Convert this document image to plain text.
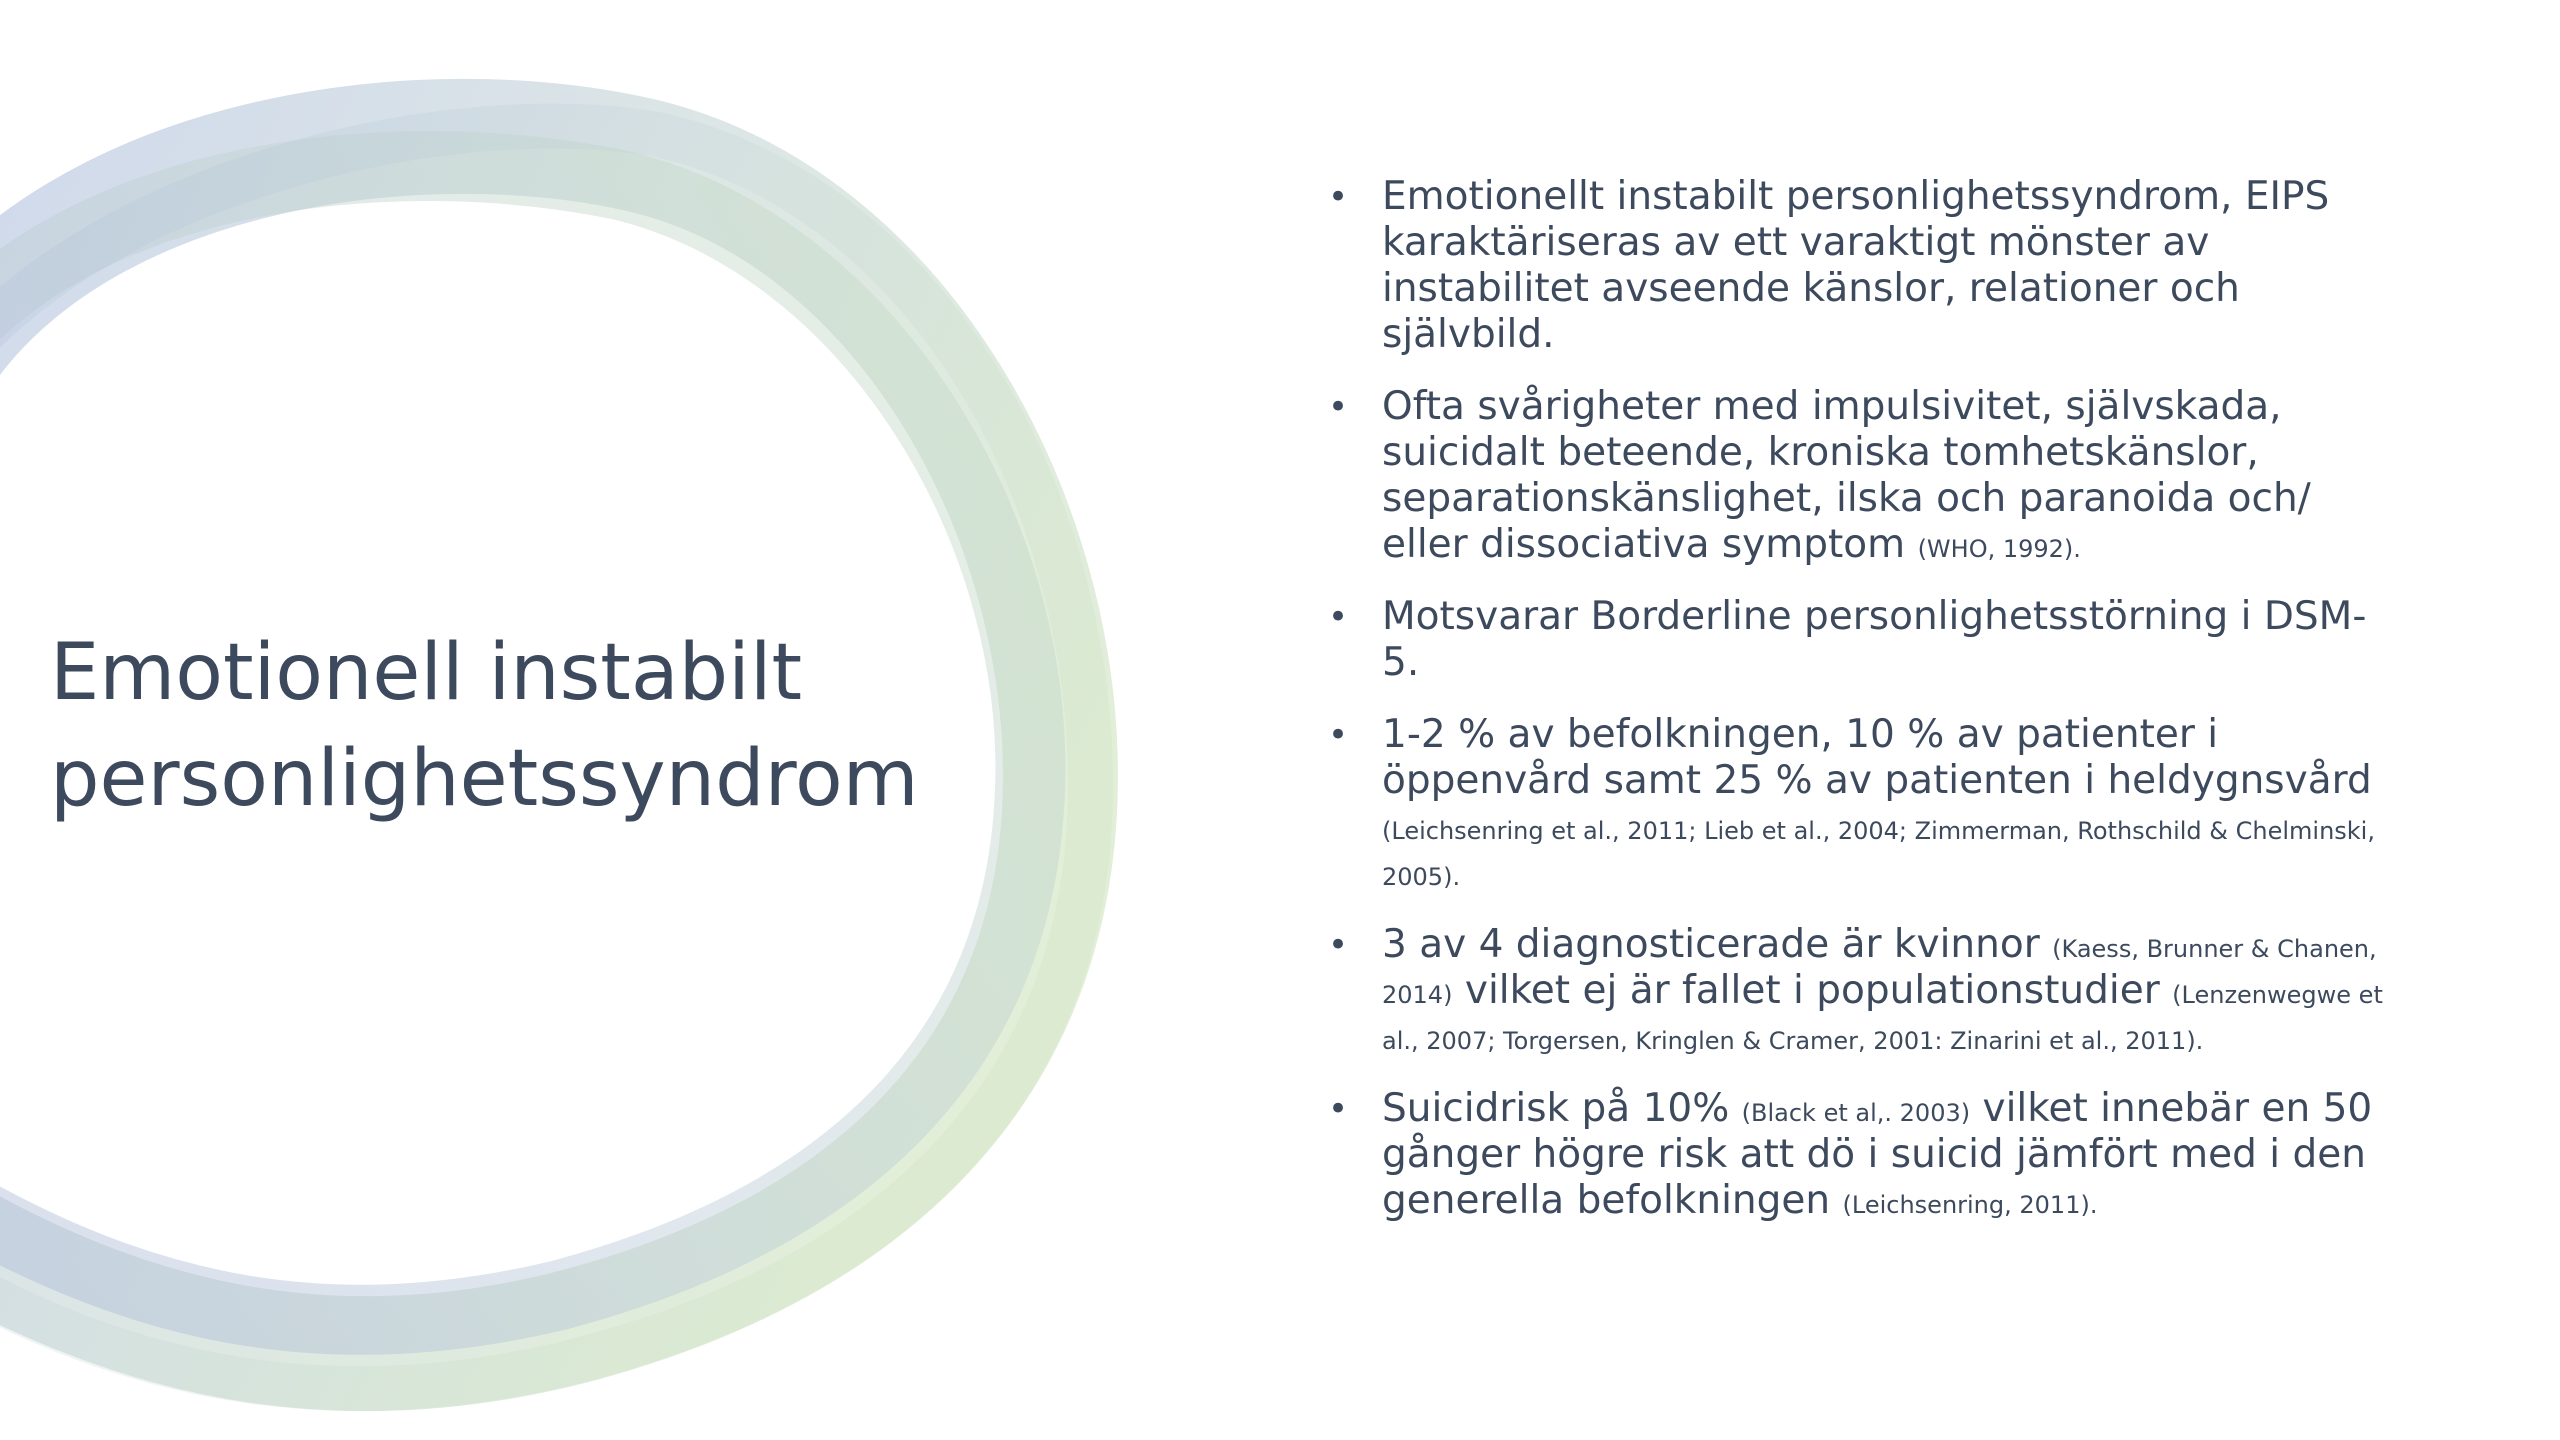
Emotionell instabilt
personlighetssyndrom
• Emotionellt instabilt personlighetssyndrom, EIPS karaktäriseras av ett varaktigt mönster av instabilitet avseende känslor, relationer och självbild.
• Ofta svårigheter med impulsivitet, självskada, suicidalt beteende, kroniska tomhetskänslor, separationskänslighet, ilska och paranoida och/ eller dissociativa symptom (WHO, 1992).
• Motsvarar Borderline personlighetsstörning i DSM-5.
• 1-2 % av befolkningen, 10 % av patienter i öppenvård samt 25 % av patienten i heldygnsvård (Leichsenring et al., 2011; Lieb et al., 2004; Zimmerman, Rothschild & Chelminski, 2005).
• 3 av 4 diagnosticerade är kvinnor (Kaess, Brunner & Chanen, 2014) vilket ej är fallet i populationstudier (Lenzenwegwe et al., 2007; Torgersen, Kringlen & Cramer, 2001: Zinarini et al., 2011).
• Suicidrisk på 10% (Black et al,. 2003) vilket innebär en 50 gånger högre risk att dö i suicid jämfört med i den generella befolkningen (Leichsenring, 2011).
